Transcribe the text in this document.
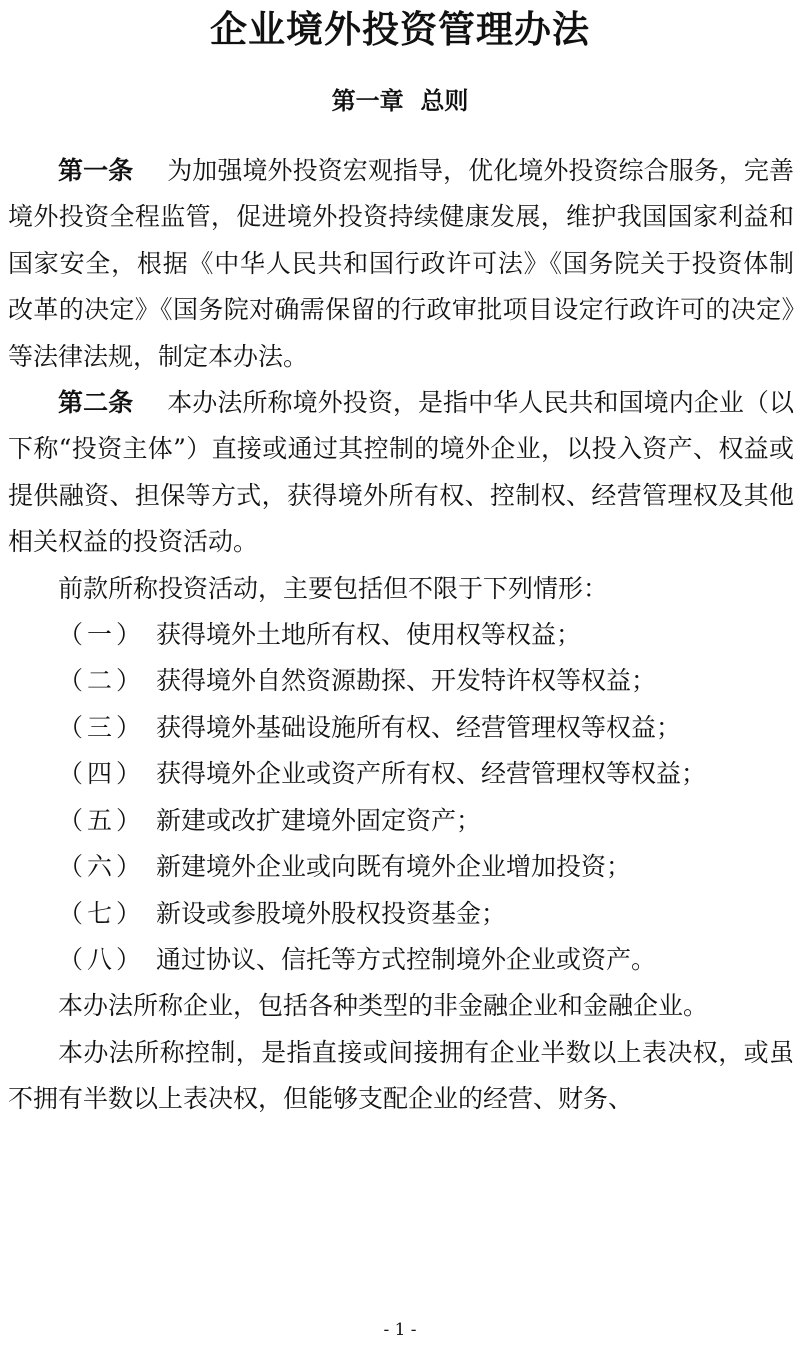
企业境外投资管理办法
第一章  总则

第一条 为加强境外投资宏观指导，优化境外投资综合服务，完善境外投资全程监管，促进境外投资持续健康发展，维护我国国家利益和国家安全，根据《中华人民共和国行政许可法》《国务院关于投资体制改革的决定》《国务院对确需保留的行政审批项目设定行政许可的决定》等法律法规，制定本办法。

第二条 本办法所称境外投资，是指中华人民共和国境内企业（以下称“投资主体”）直接或通过其控制的境外企业，以投入资产、权益或提供融资、担保等方式，获得境外所有权、控制权、经营管理权及其他相关权益的投资活动。

前款所称投资活动，主要包括但不限于下列情形：

（一） 获得境外土地所有权、使用权等权益；

（二） 获得境外自然资源勘探、开发特许权等权益；

（三） 获得境外基础设施所有权、经营管理权等权益；

（四） 获得境外企业或资产所有权、经营管理权等权益；

（五） 新建或改扩建境外固定资产；

（六） 新建境外企业或向既有境外企业增加投资；

（七） 新设或参股境外股权投资基金；

（八） 通过协议、信托等方式控制境外企业或资产。

本办法所称企业，包括各种类型的非金融企业和金融企业。

本办法所称控制，是指直接或间接拥有企业半数以上表决权，或虽不拥有半数以上表决权，但能够支配企业的经营、财务、

- 1 -
